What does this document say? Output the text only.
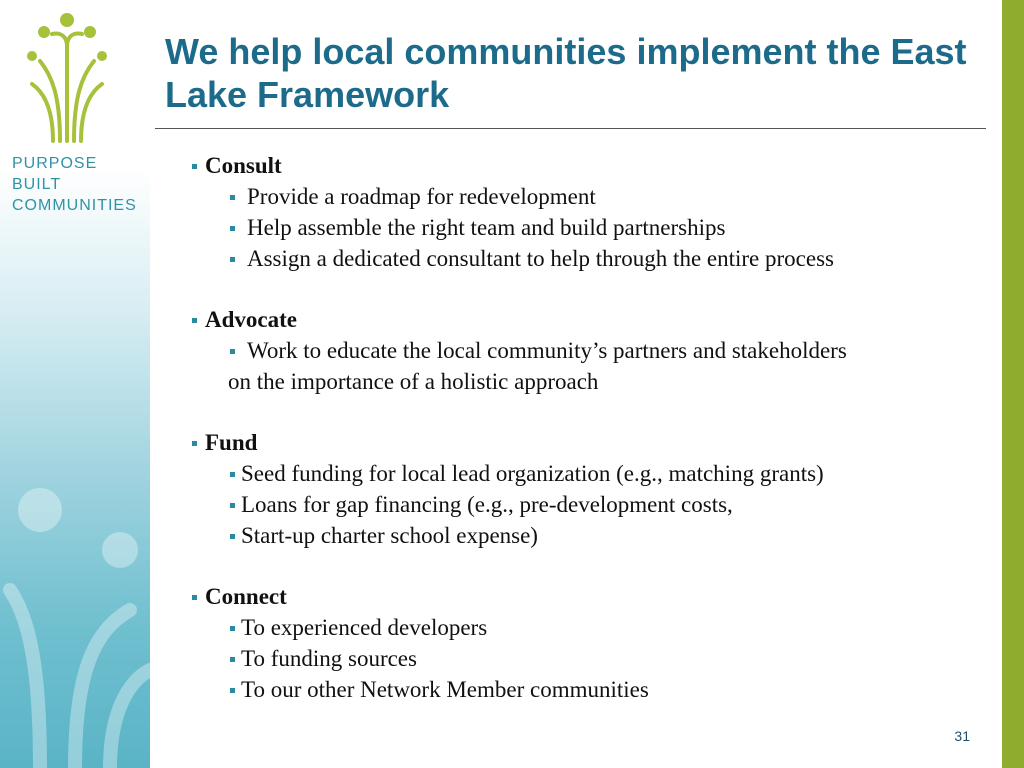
PURPOSE
BUILT
COMMUNITIES
We help local communities implement the East Lake Framework
Consult
Provide a roadmap for redevelopment
Help assemble the right team and build partnerships
Assign a dedicated consultant to help through the entire process
Advocate
Work to educate the local community’s partners and stakeholders
on the importance of a holistic approach
Fund
Seed funding for local lead organization (e.g., matching grants)
Loans for gap financing (e.g., pre-development costs,
Start-up charter school expense)
Connect
To experienced developers
To funding sources
To our other Network Member communities
31
